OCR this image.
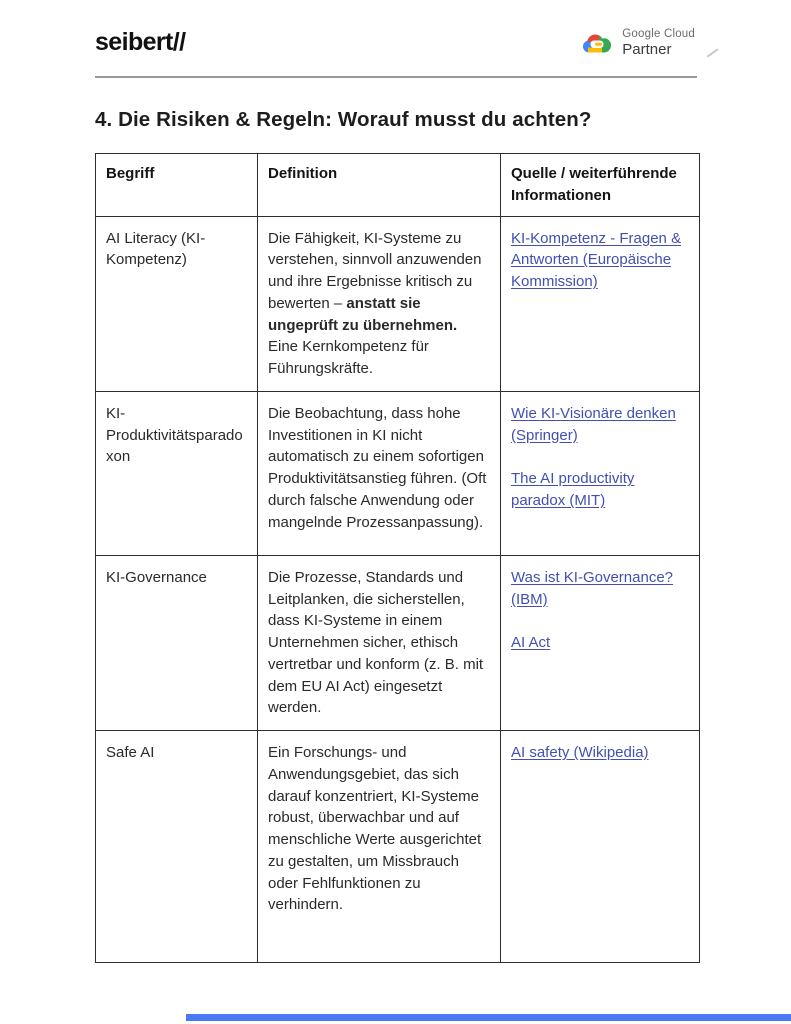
seibert//	Google Cloud
Partner
4. Die Risiken & Regeln: Worauf musst du achten?
Begriff	Definition	Quelle / weiterführende Informationen
AI Literacy (KI-Kompetenz)	Die Fähigkeit, KI-Systeme zu verstehen, sinnvoll anzuwenden und ihre Ergebnisse kritisch zu bewerten – anstatt sie ungeprüft zu übernehmen. Eine Kernkompetenz für Führungskräfte.	KI-Kompetenz - Fragen & Antworten (Europäische Kommission)

KI-Produktivitätsparadoxon	Die Beobachtung, dass hohe Investitionen in KI nicht automatisch zu einem sofortigen Produktivitätsanstieg führen. (Oft durch falsche Anwendung oder mangelnde Prozessanpassung).	Wie KI-Visionäre denken (Springer)
The AI productivity paradox (MIT)

KI-Governance	Die Prozesse, Standards und Leitplanken, die sicherstellen, dass KI-Systeme in einem Unternehmen sicher, ethisch vertretbar und konform (z. B. mit dem EU AI Act) eingesetzt werden.	Was ist KI-Governance? (IBM)
AI Act

Safe AI	Ein Forschungs- und Anwendungsgebiet, das sich darauf konzentriert, KI-Systeme robust, überwachbar und auf menschliche Werte ausgerichtet zu gestalten, um Missbrauch oder Fehlfunktionen zu verhindern.	AI safety (Wikipedia)
